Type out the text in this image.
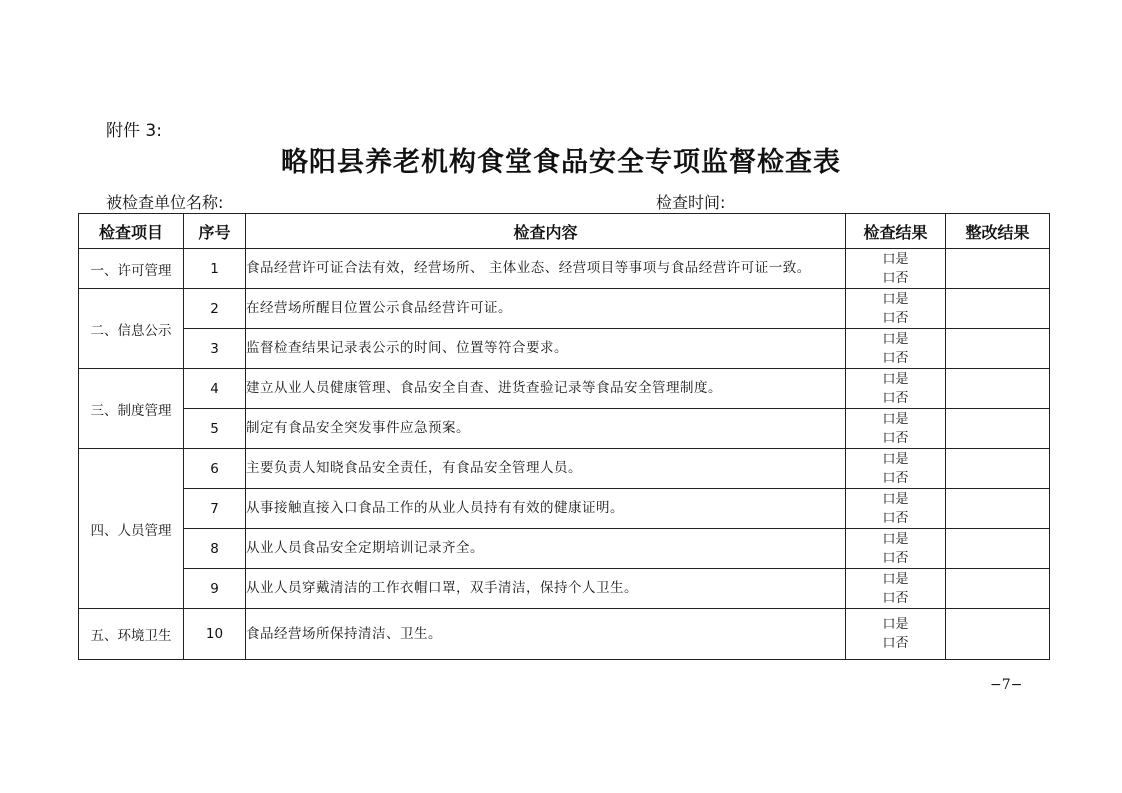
附件 3:
略阳县养老机构食堂食品安全专项监督检查表
被检查单位名称:	检查时间:
检查项目	序号	检查内容	检查结果	整改结果
一、许可管理	1	食品经营许可证合法有效，经营场所、 主体业态、经营项目等事项与食品经营许可证一致。	口是
口否	

二、信息公示	2	在经营场所醒目位置公示食品经营许可证。	口是
口否	

	3	监督检查结果记录表公示的时间、位置等符合要求。	口是
口否	

三、制度管理	4	建立从业人员健康管理、食品安全自查、进货查验记录等食品安全管理制度。	口是
口否	

	5	制定有食品安全突发事件应急预案。	口是
口否	

四、人员管理	6	主要负责人知晓食品安全责任，有食品安全管理人员。	口是
口否	

	7	从事接触直接入口食品工作的从业人员持有有效的健康证明。	口是
口否	

	8	从业人员食品安全定期培训记录齐全。	口是
口否	

	9	从业人员穿戴清洁的工作衣帽口罩，双手清洁，保持个人卫生。	口是
口否	

五、环境卫生	10	食品经营场所保持清洁、卫生。	口是
口否	

−7−
